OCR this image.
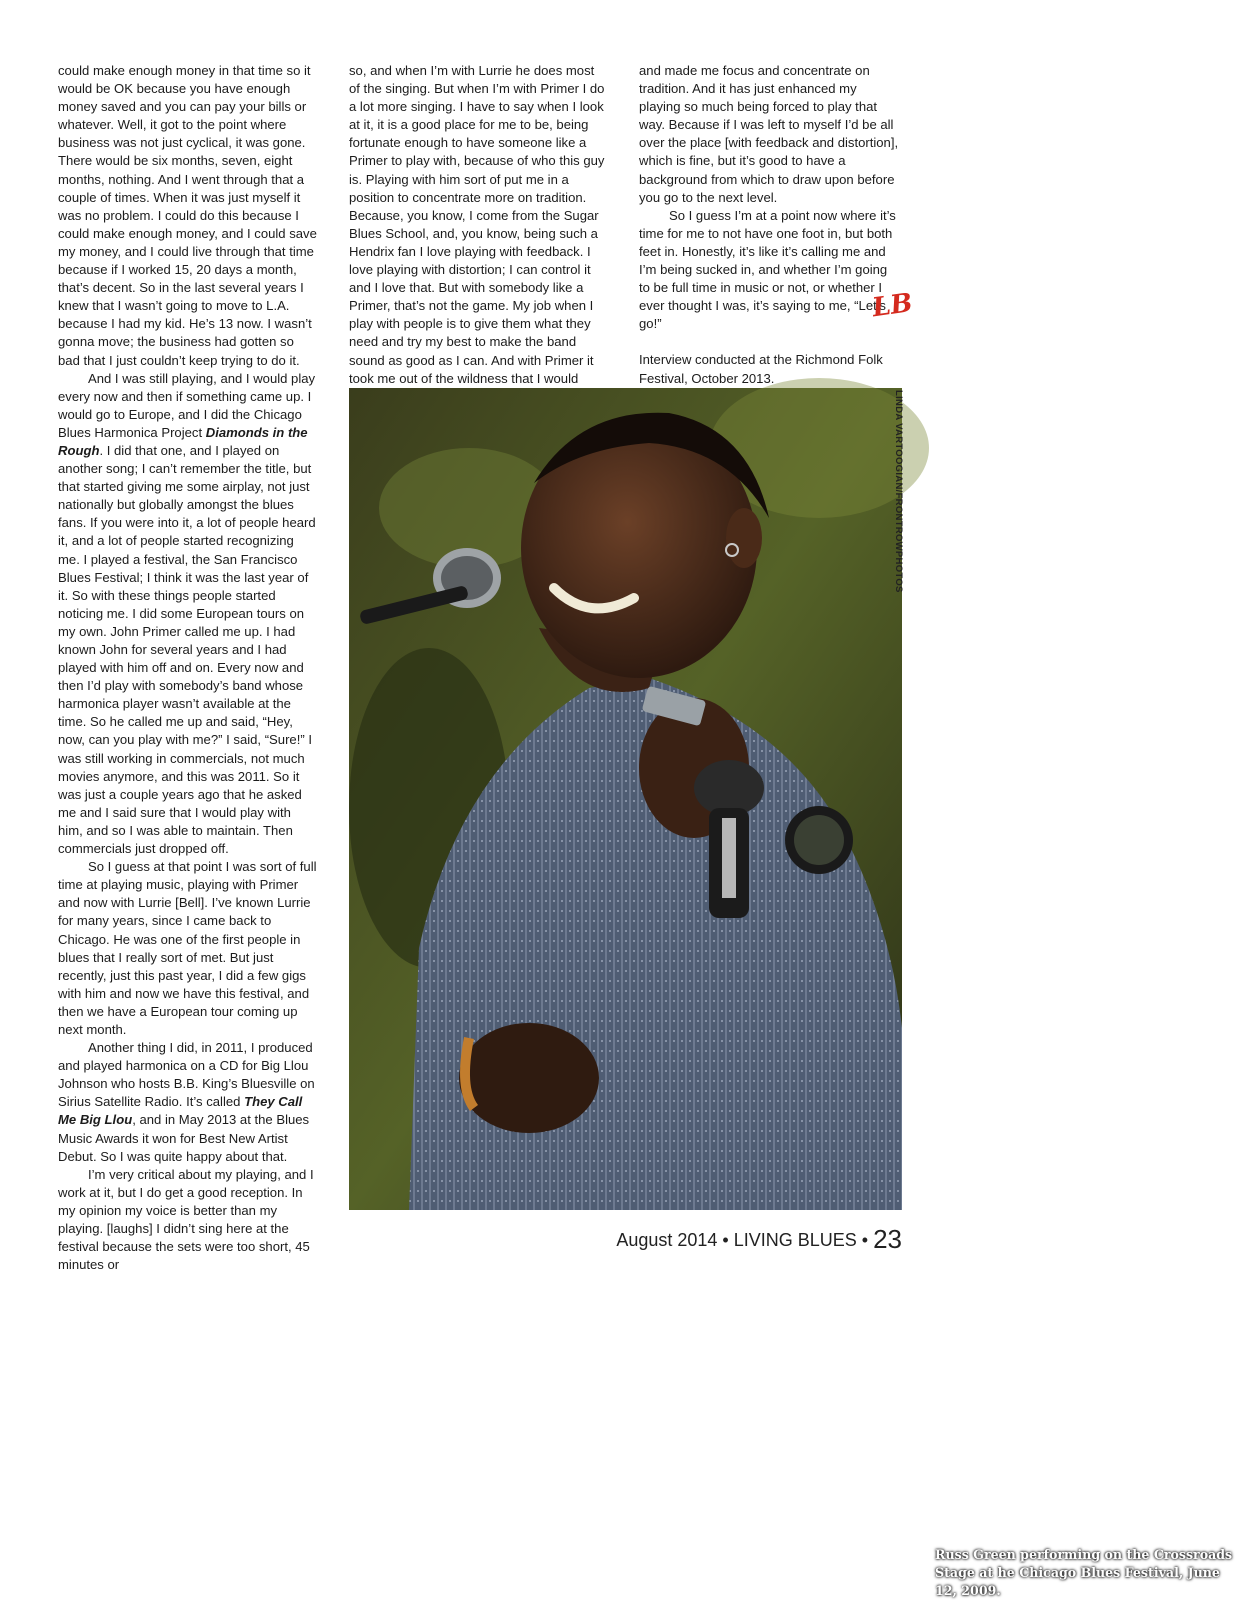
could make enough money in that time so it would be OK because you have enough money saved and you can pay your bills or whatever. Well, it got to the point where business was not just cyclical, it was gone. There would be six months, seven, eight months, nothing. And I went through that a couple of times. When it was just myself it was no problem. I could do this because I could make enough money, and I could save my money, and I could live through that time because if I worked 15, 20 days a month, that’s decent. So in the last several years I knew that I wasn’t going to move to L.A. because I had my kid. He’s 13 now. I wasn’t gonna move; the business had gotten so bad that I just couldn’t keep trying to do it.

And I was still playing, and I would play every now and then if something came up. I would go to Europe, and I did the Chicago Blues Harmonica Project Diamonds in the Rough. I did that one, and I played on another song; I can’t remember the title, but that started giving me some airplay, not just nationally but globally amongst the blues fans. If you were into it, a lot of people heard it, and a lot of people started recognizing me. I played a festival, the San Francisco Blues Festival; I think it was the last year of it. So with these things people started noticing me. I did some European tours on my own. John Primer called me up. I had known John for several years and I had played with him off and on. Every now and then I’d play with somebody’s band whose harmonica player wasn’t available at the time. So he called me up and said, “Hey, now, can you play with me?” I said, “Sure!” I was still working in commercials, not much movies anymore, and this was 2011. So it was just a couple years ago that he asked me and I said sure that I would play with him, and so I was able to maintain. Then commercials just dropped off.

So I guess at that point I was sort of full time at playing music, playing with Primer and now with Lurrie [Bell]. I’ve known Lurrie for many years, since I came back to Chicago. He was one of the first people in blues that I really sort of met. But just recently, just this past year, I did a few gigs with him and now we have this festival, and then we have a European tour coming up next month.

Another thing I did, in 2011, I produced and played harmonica on a CD for Big Llou Johnson who hosts B.B. King’s Bluesville on Sirius Satellite Radio. It’s called They Call Me Big Llou, and in May 2013 at the Blues Music Awards it won for Best New Artist Debut. So I was quite happy about that.

I’m very critical about my playing, and I work at it, but I do get a good reception. In my opinion my voice is better than my playing. [laughs] I didn’t sing here at the festival because the sets were too short, 45 minutes or

so, and when I’m with Lurrie he does most of the singing. But when I’m with Primer I do a lot more singing. I have to say when I look at it, it is a good place for me to be, being fortunate enough to have someone like a Primer to play with, because of who this guy is. Playing with him sort of put me in a position to concentrate more on tradition. Because, you know, I come from the Sugar Blues School, and, you know, being such a Hendrix fan I love playing with feedback. I love playing with distortion; I can control it and I love that. But with somebody like a Primer, that’s not the game. My job when I play with people is to give them what they need and try my best to make the band sound as good as I can. And with Primer it took me out of the wildness that I would

and made me focus and concentrate on tradition. And it has just enhanced my playing so much being forced to play that way. Because if I was left to myself I’d be all over the place [with feedback and distortion], which is fine, but it’s good to have a background from which to draw upon before you go to the next level.

So I guess I’m at a point now where it’s time for me to not have one foot in, but both feet in. Honestly, it’s like it’s calling me and I’m being sucked in, and whether I’m going to be full time in music or not, or whether I ever thought I was, it’s saying to me, “Let’s go!”

Interview conducted at the Richmond Folk Festival, October 2013.

LB
Russ Green performing on the Crossroads Stage at he Chicago Blues Festival, June 12, 2009.
LINDA VARTOOGIAN/FRONTROWPHOTOS
August 2014 • LIVING BLUES • 23
